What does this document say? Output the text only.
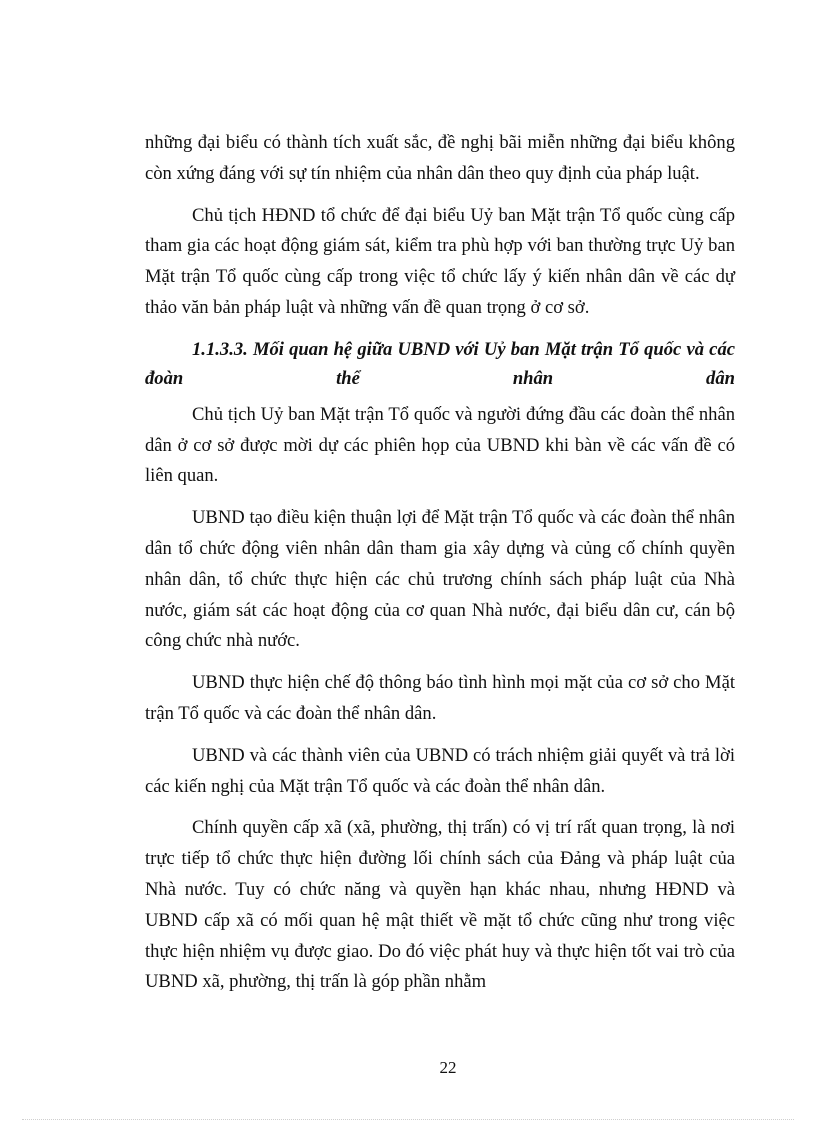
những đại biểu có thành tích xuất sắc, đề nghị bãi miễn những đại biểu không còn xứng đáng với sự tín nhiệm của nhân dân theo quy định của pháp luật.

Chủ tịch HĐND tổ chức để đại biểu Uỷ ban Mặt trận Tổ quốc cùng cấp tham gia các hoạt động giám sát, kiểm tra phù hợp với ban thường trực Uỷ ban Mặt trận Tổ quốc cùng cấp trong việc tổ chức lấy ý kiến nhân dân về các dự thảo văn bản pháp luật và những vấn đề quan trọng ở cơ sở.

1.1.3.3. Mối quan hệ giữa UBND với Uỷ ban Mặt trận Tổ quốc và các đoàn thể nhân dân

Chủ tịch Uỷ ban Mặt trận Tổ quốc và người đứng đầu các đoàn thể nhân dân ở cơ sở được mời dự các phiên họp của UBND khi bàn về các vấn đề có liên quan.

UBND tạo điều kiện thuận lợi để Mặt trận Tổ quốc và các đoàn thể nhân dân tổ chức động viên nhân dân tham gia xây dựng và củng cố chính quyền nhân dân, tổ chức thực hiện các chủ trương chính sách pháp luật của Nhà nước, giám sát các hoạt động của cơ quan Nhà nước, đại biểu dân cư, cán bộ công chức nhà nước.

UBND thực hiện chế độ thông báo tình hình mọi mặt của cơ sở cho Mặt trận Tổ quốc và các đoàn thể nhân dân.

UBND và các thành viên của UBND có trách nhiệm giải quyết và trả lời các kiến nghị của Mặt trận Tổ quốc và các đoàn thể nhân dân.

Chính quyền cấp xã (xã, phường, thị trấn) có vị trí rất quan trọng, là nơi trực tiếp tổ chức thực hiện đường lối chính sách của Đảng và pháp luật của Nhà nước. Tuy có chức năng và quyền hạn khác nhau, nhưng HĐND và UBND cấp xã có mối quan hệ mật thiết về mặt tổ chức cũng như trong việc thực hiện nhiệm vụ được giao. Do đó việc phát huy và thực hiện tốt vai trò của UBND xã, phường, thị trấn là góp phần nhằm

22
